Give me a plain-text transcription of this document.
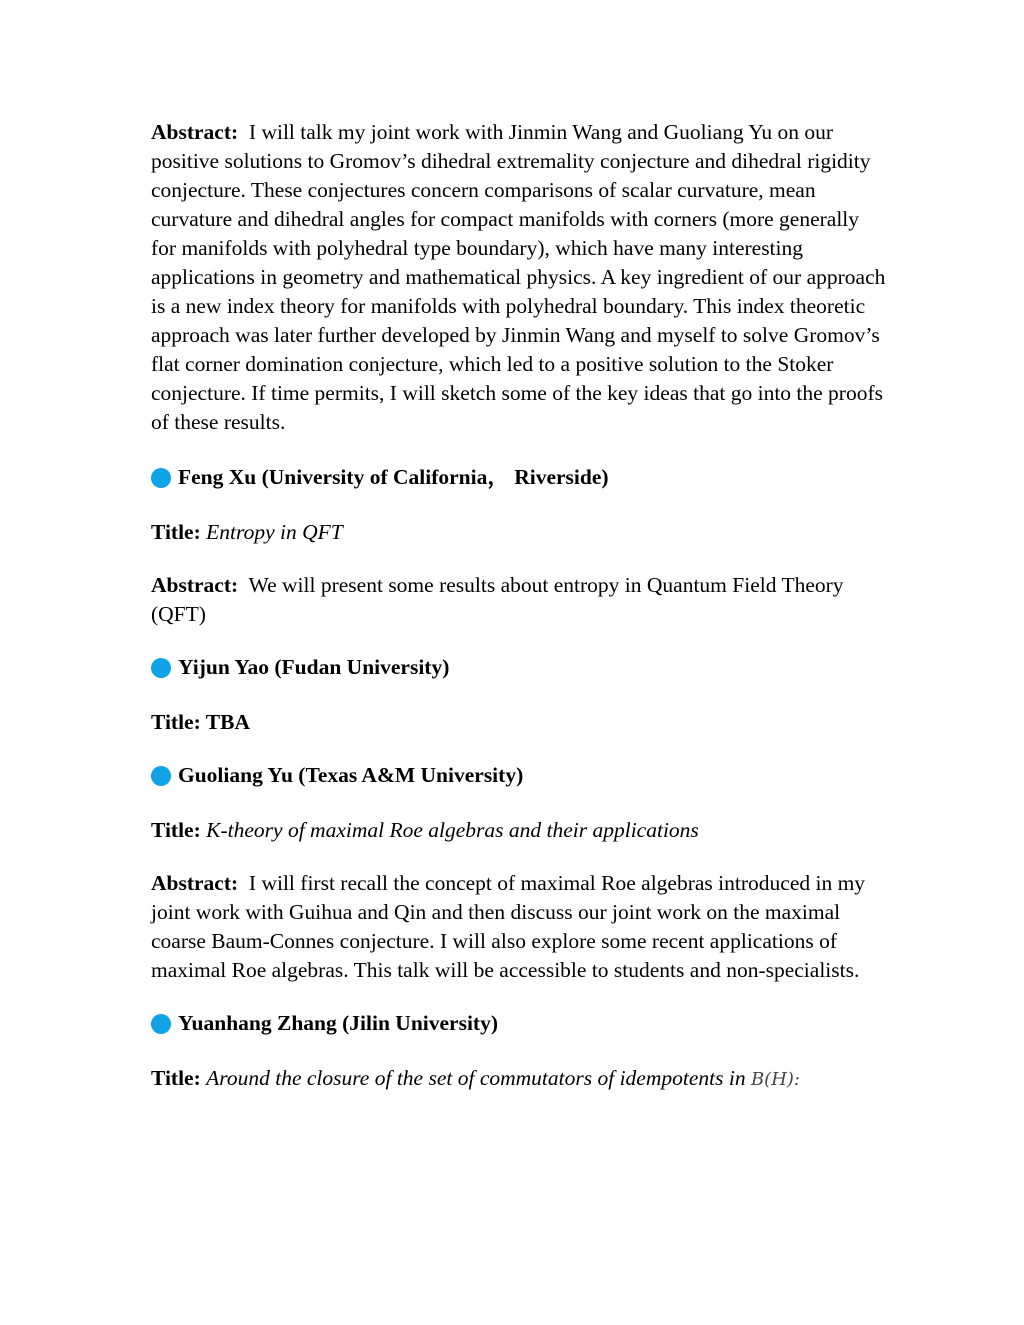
Abstract: I will talk my joint work with Jinmin Wang and Guoliang Yu on our positive solutions to Gromov’s dihedral extremality conjecture and dihedral rigidity conjecture. These conjectures concern comparisons of scalar curvature, mean curvature and dihedral angles for compact manifolds with corners (more generally for manifolds with polyhedral type boundary), which have many interesting applications in geometry and mathematical physics. A key ingredient of our approach is a new index theory for manifolds with polyhedral boundary. This index theoretic approach was later further developed by Jinmin Wang and myself to solve Gromov’s flat corner domination conjecture, which led to a positive solution to the Stoker conjecture. If time permits, I will sketch some of the key ideas that go into the proofs of these results.

Feng Xu (University of California， Riverside)

Title: Entropy in QFT

Abstract: We will present some results about entropy in Quantum Field Theory (QFT)

Yijun Yao (Fudan University)

Title: TBA

Guoliang Yu (Texas A&M University)

Title: K-theory of maximal Roe algebras and their applications

Abstract: I will first recall the concept of maximal Roe algebras introduced in my joint work with Guihua and Qin and then discuss our joint work on the maximal coarse Baum-Connes conjecture. I will also explore some recent applications of maximal Roe algebras. This talk will be accessible to students and non-specialists.

Yuanhang Zhang (Jilin University)

Title: Around the closure of the set of commutators of idempotents in B(H):
